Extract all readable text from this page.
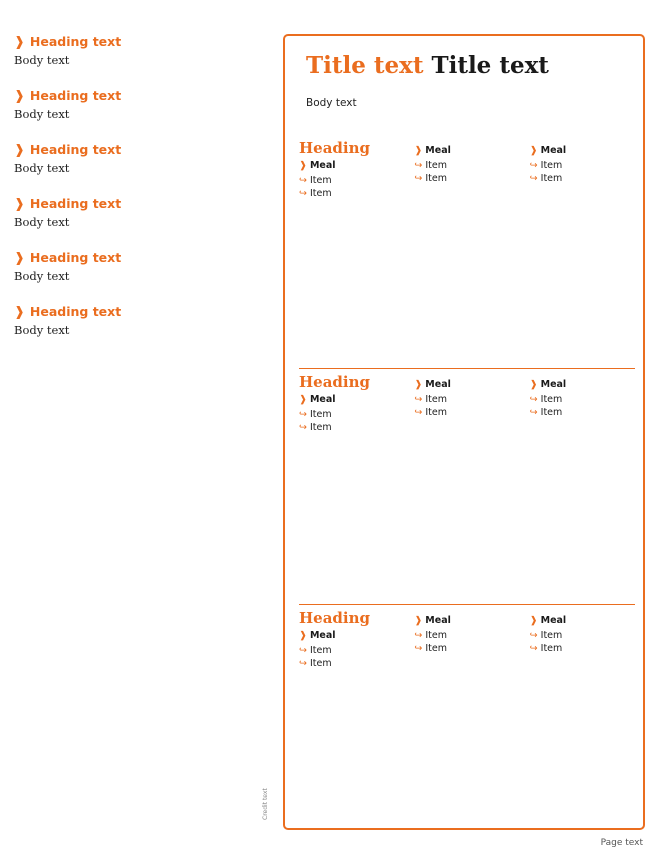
❱ Heading text
Body text
❱ Heading text
Body text
❱ Heading text
Body text
❱ Heading text
Body text
❱ Heading text
Body text
❱ Heading text
Body text
Credit text
Title text Title text
Body text
Heading
❱ Meal
↪ Item
↪ Item
❱ Meal
↪ Item
↪ Item
❱ Meal
↪ Item
↪ Item
Heading
❱ Meal
↪ Item
↪ Item
❱ Meal
↪ Item
↪ Item
❱ Meal
↪ Item
↪ Item
Heading
❱ Meal
↪ Item
↪ Item
❱ Meal
↪ Item
↪ Item
❱ Meal
↪ Item
↪ Item
Page text
